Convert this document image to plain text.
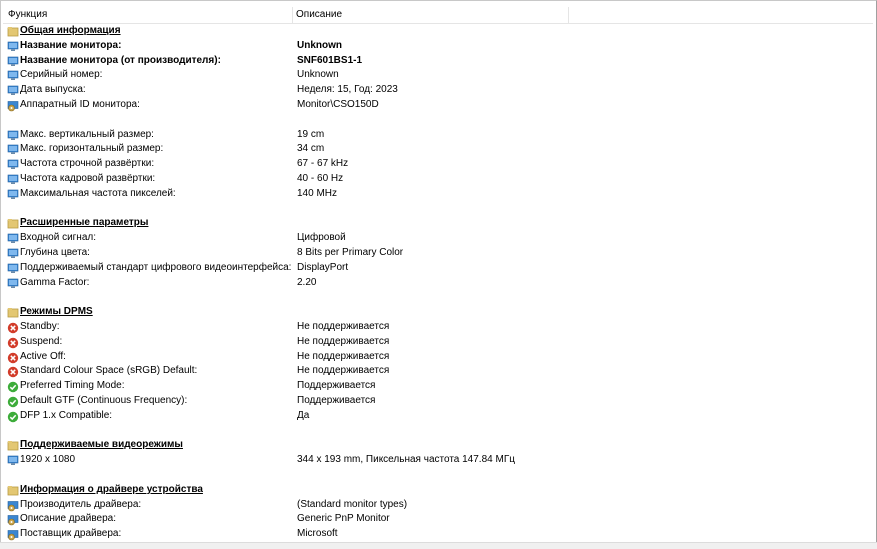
Функция	Описание
Общая информация
Название монитора:	Unknown
Название монитора (от производителя):	SNF601BS1-1
Серийный номер:	Unknown
Дата выпуска:	Неделя: 15, Год: 2023
Аппаратный ID монитора:	Monitor\CSO150D
Макс. вертикальный размер:	19 cm
Макс. горизонтальный размер:	34 cm
Частота строчной развёртки:	67 - 67 kHz
Частота кадровой развёртки:	40 - 60 Hz
Максимальная частота пикселей:	140 MHz
Расширенные параметры
Входной сигнал:	Цифровой
Глубина цвета:	8 Bits per Primary Color
Поддерживаемый стандарт цифрового видеоинтерфейса: DisplayPort
Gamma Factor:	2.20
Режимы DPMS
Standby:	Не поддерживается
Suspend:	Не поддерживается
Active Off:	Не поддерживается
Standard Colour Space (sRGB) Default:	Не поддерживается
Preferred Timing Mode:	Поддерживается
Default GTF (Continuous Frequency):	Поддерживается
DFP 1.x Compatible:	Да
Поддерживаемые видеорежимы
1920 x 1080	344 x 193 mm, Пиксельная частота 147.84 МГц
Информация о драйвере устройства
Производитель драйвера:	(Standard monitor types)
Описание драйвера:	Generic PnP Monitor
Поставщик драйвера:	Microsoft
